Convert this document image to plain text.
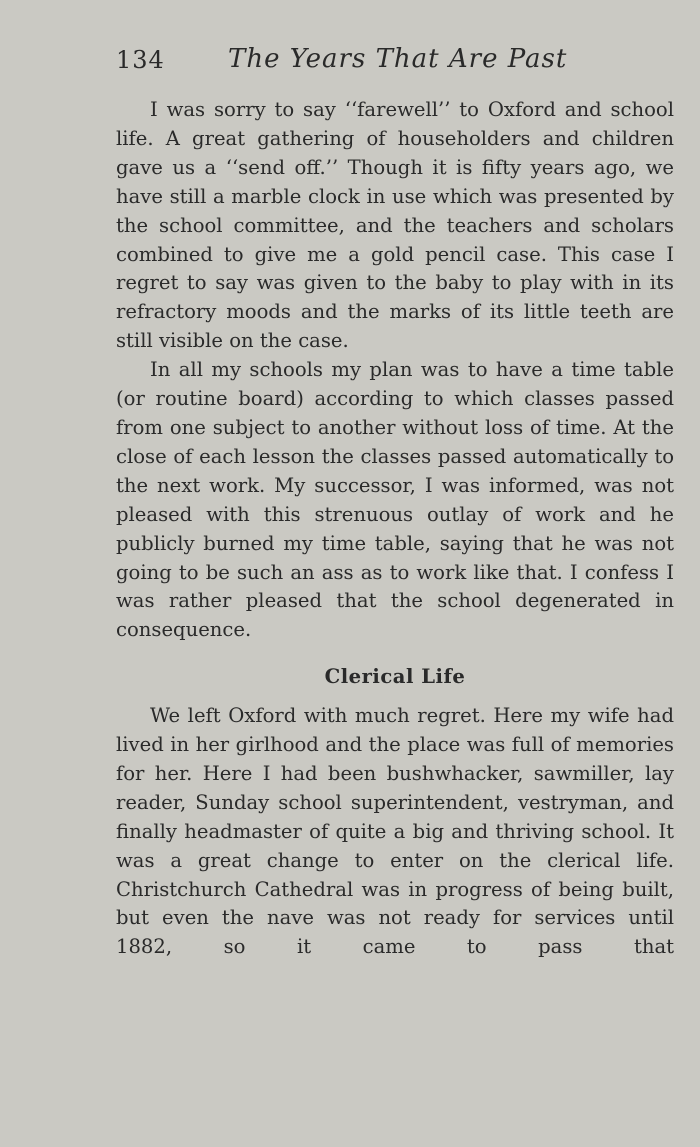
134 The Years That Are Past

I was sorry to say ‘‘farewell’’ to Oxford and school life. A great gathering of householders and children gave us a ‘‘send off.’’ Though it is fifty years ago, we have still a marble clock in use which was presented by the school committee, and the teachers and scholars combined to give me a gold pencil case. This case I regret to say was given to the baby to play with in its refractory moods and the marks of its little teeth are still visible on the case.

In all my schools my plan was to have a time table (or routine board) according to which classes passed from one subject to another without loss of time. At the close of each lesson the classes passed automatically to the next work. My successor, I was informed, was not pleased with this strenuous outlay of work and he publicly burned my time table, saying that he was not going to be such an ass as to work like that. I confess I was rather pleased that the school degenerated in consequence.

Clerical Life

We left Oxford with much regret. Here my wife had lived in her girlhood and the place was full of memories for her. Here I had been bushwhacker, sawmiller, lay reader, Sunday school superintendent, vestryman, and finally headmaster of quite a big and thriving school. It was a great change to enter on the clerical life. Christchurch Cathedral was in progress of being built, but even the nave was not ready for services until 1882, so it came to pass that
